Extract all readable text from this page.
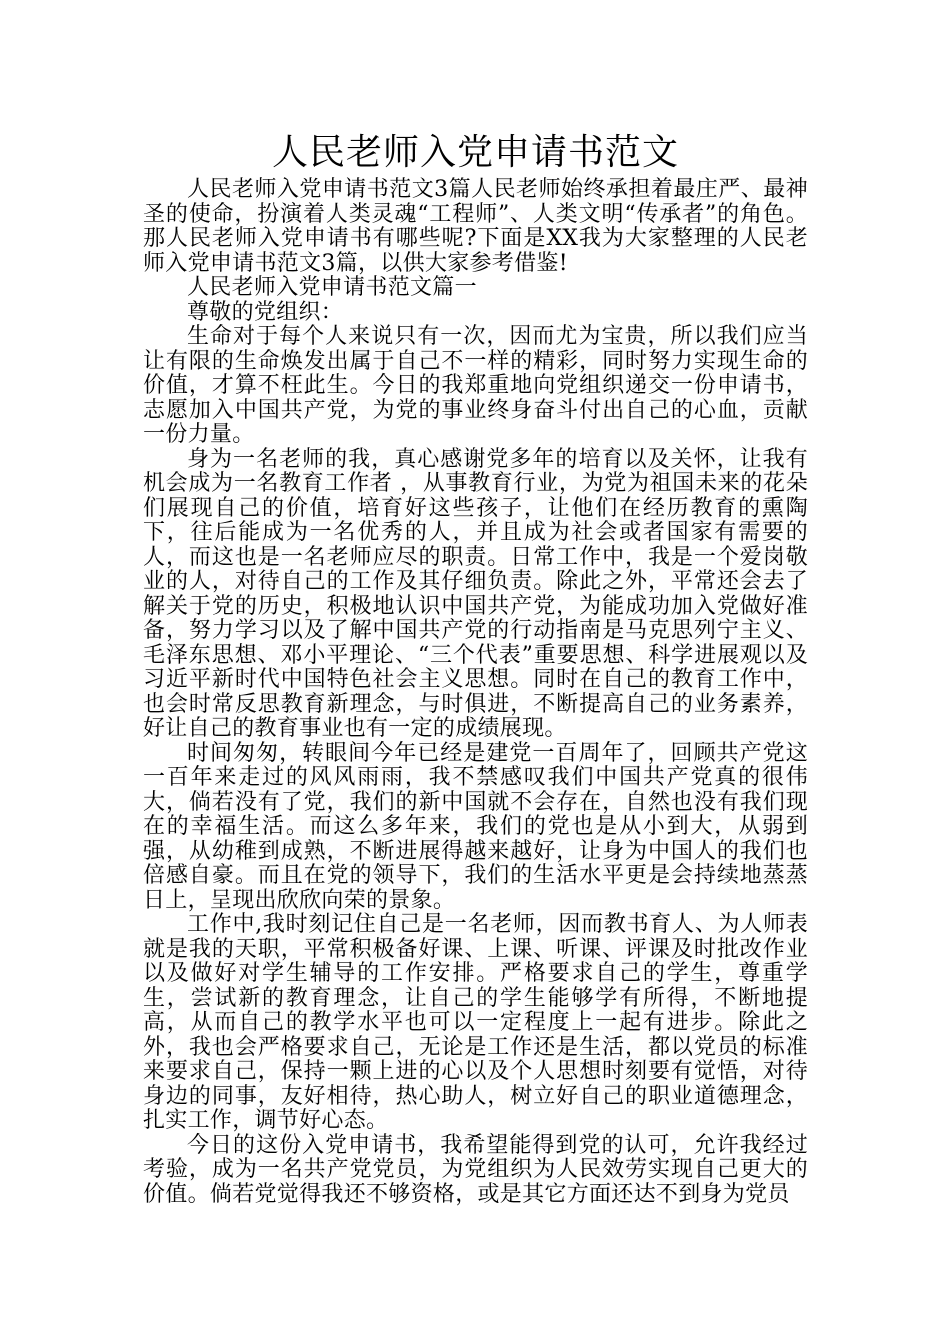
人民老师入党申请书范文

人民老师入党申请书范文3篇人民老师始终承担着最庄严、最神圣的使命，扮演着人类灵魂“工程师”、人类文明“传承者”的角色。那人民老师入党申请书有哪些呢?下面是XX我为大家整理的人民老师入党申请书范文3篇，以供大家参考借鉴!

人民老师入党申请书范文篇一

尊敬的党组织：

生命对于每个人来说只有一次，因而尤为宝贵，所以我们应当让有限的生命焕发出属于自己不一样的精彩，同时努力实现生命的价值，才算不枉此生。今日的我郑重地向党组织递交一份申请书，志愿加入中国共产党，为党的事业终身奋斗付出自己的心血，贡献一份力量。

身为一名老师的我，真心感谢党多年的培育以及关怀，让我有机会成为一名教育工作者 ，从事教育行业，为党为祖国未来的花朵们展现自己的价值，培育好这些孩子，让他们在经历教育的熏陶下，往后能成为一名优秀的人，并且成为社会或者国家有需要的人，而这也是一名老师应尽的职责。日常工作中，我是一个爱岗敬业的人，对待自己的工作及其仔细负责。除此之外，平常还会去了解关于党的历史，积极地认识中国共产党，为能成功加入党做好准备，努力学习以及了解中国共产党的行动指南是马克思列宁主义、毛泽东思想、邓小平理论、“三个代表”重要思想、科学进展观以及习近平新时代中国特色社会主义思想。同时在自己的教育工作中，也会时常反思教育新理念，与时俱进，不断提高自己的业务素养，好让自己的教育事业也有一定的成绩展现。

时间匆匆，转眼间今年已经是建党一百周年了，回顾共产党这一百年来走过的风风雨雨，我不禁感叹我们中国共产党真的很伟大，倘若没有了党，我们的新中国就不会存在，自然也没有我们现在的幸福生活。而这么多年来，我们的党也是从小到大，从弱到强，从幼稚到成熟，不断进展得越来越好，让身为中国人的我们也倍感自豪。而且在党的领导下，我们的生活水平更是会持续地蒸蒸日上，呈现出欣欣向荣的景象。

工作中,我时刻记住自己是一名老师，因而教书育人、为人师表就是我的天职，平常积极备好课、上课、听课、评课及时批改作业以及做好对学生辅导的工作安排。严格要求自己的学生，尊重学生，尝试新的教育理念，让自己的学生能够学有所得，不断地提高，从而自己的教学水平也可以一定程度上一起有进步。除此之外，我也会严格要求自己，无论是工作还是生活，都以党员的标准来要求自己，保持一颗上进的心以及个人思想时刻要有觉悟，对待身边的同事，友好相待，热心助人，树立好自己的职业道德理念，扎实工作，调节好心态。

今日的这份入党申请书，我希望能得到党的认可，允许我经过考验，成为一名共产党党员，为党组织为人民效劳实现自己更大的价值。倘若党觉得我还不够资格，或是其它方面还达不到身为党员
